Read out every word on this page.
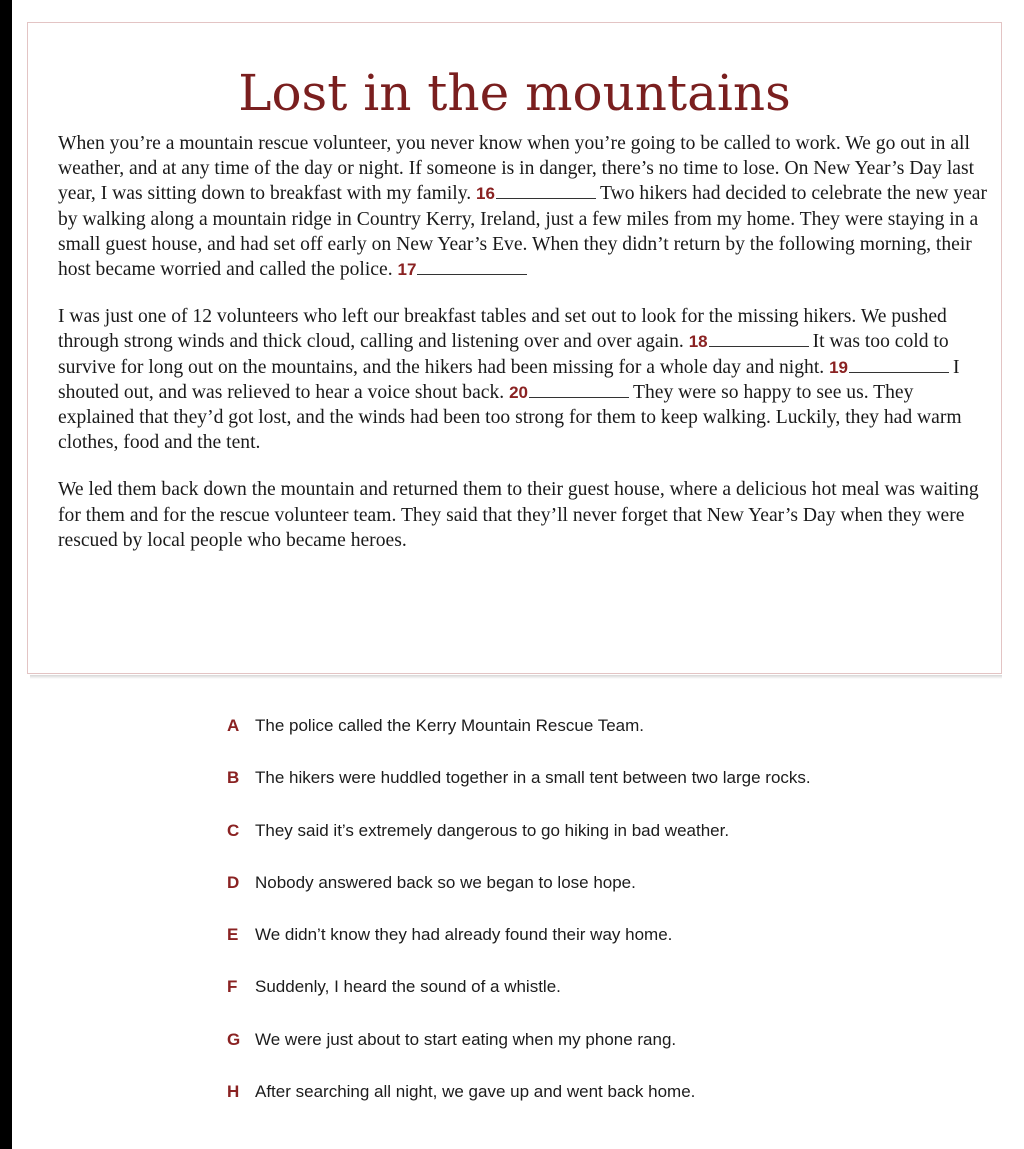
Lost in the mountains

When you’re a mountain rescue volunteer, you never know when you’re going to be called to work. We go out in all weather, and at any time of the day or night. If someone is in danger, there’s no time to lose. On New Year’s Day last year, I was sitting down to breakfast with my family. 16	Two hikers had decided to celebrate the new year by walking along a mountain ridge in Country Kerry, Ireland, just a few miles from my home. They were staying in a small guest house, and had set off early on New Year’s Eve. When they didn’t return by the following morning, their host became worried and called the police. 17

I was just one of 12 volunteers who left our breakfast tables and set out to look for the missing hikers. We pushed through strong winds and thick cloud, calling and listening over and over again. 18	It was too cold to survive for long out on the mountains, and the hikers had been missing for a whole day and night. 19	I shouted out, and was relieved to hear a voice shout back. 20	They were so happy to see us. They explained that they’d got lost, and the winds had been too strong for them to keep walking. Luckily, they had warm clothes, food and the tent.

We led them back down the mountain and returned them to their guest house, where a delicious hot meal was waiting for them and for the rescue volunteer team. They said that they’ll never forget that New Year’s Day when they were rescued by local people who became heroes.

A The police called the Kerry Mountain Rescue Team.
B The hikers were huddled together in a small tent between two large rocks.
C They said it’s extremely dangerous to go hiking in bad weather.
D Nobody answered back so we began to lose hope.
E We didn’t know they had already found their way home.
F Suddenly, I heard the sound of a whistle.
G We were just about to start eating when my phone rang.
H After searching all night, we gave up and went back home.
